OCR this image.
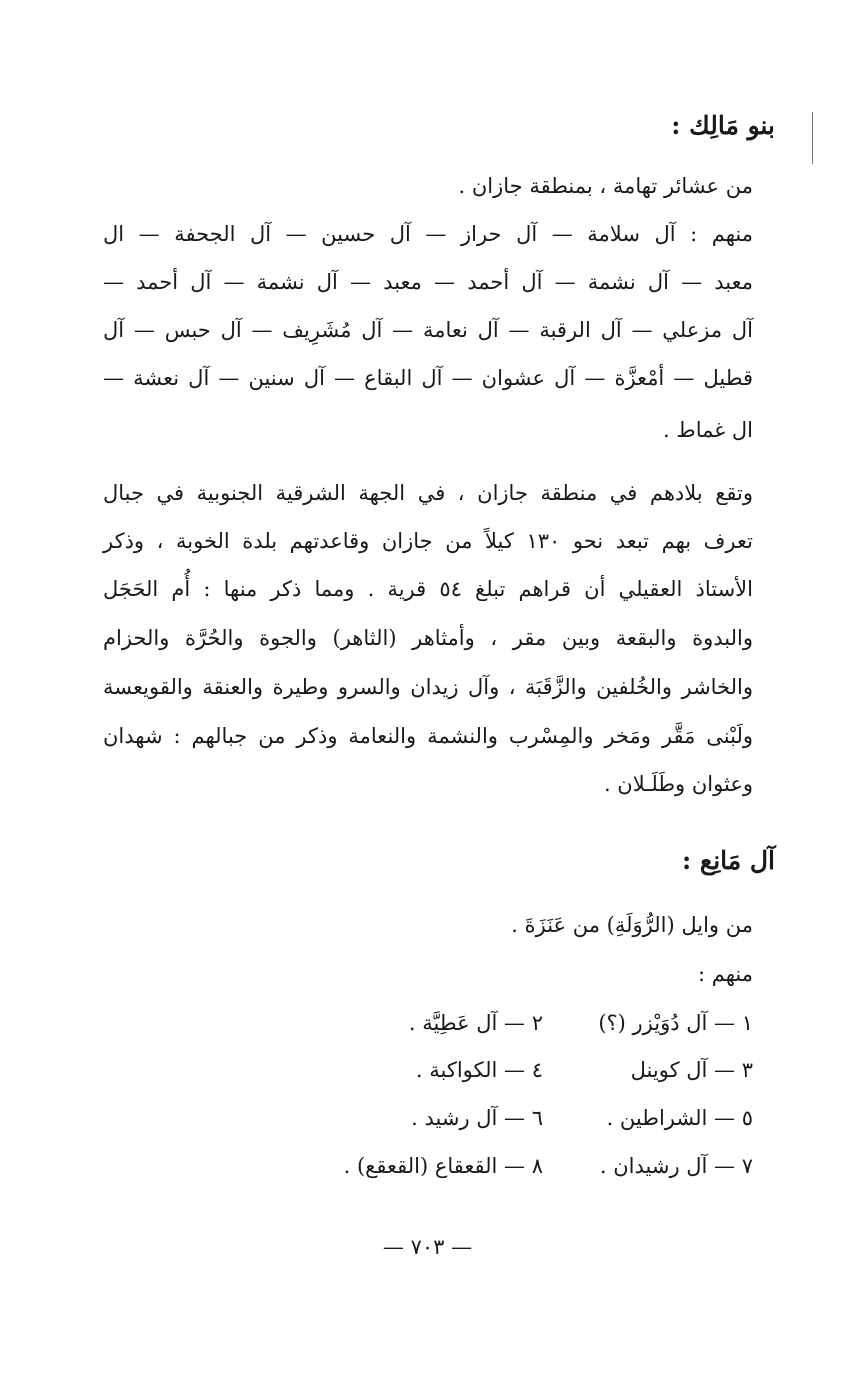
بنو مَالِك :
من عشائر تهامة ، بمنطقة جازان .
منهم : آل سلامة — آل حراز — آل حسين — آل الجحفة — ال
معبد — آل نشمة — آل أحمد — معبد — آل نشمة — آل أحمد —
آل مزعلي — آل الرقبة — آل نعامة — آل مُشَرِيف — آل حبس — آل
قطيل — أمْعزَّة — آل عشوان — آل البقاع — آل سنين — آل نعشة —
ال غماط .
وتقع بلادهم في منطقة جازان ، في الجهة الشرقية الجنوبية في جبال
تعرف بهم تبعد نحو ١٣٠ كيلاً من جازان وقاعدتهم بلدة الخوبة ، وذكر
الأستاذ العقيلي أن قراهم تبلغ ٥٤ قرية . ومما ذكر منها : أُم الحَجَل
والبدوة والبقعة وبين مقر ، وأمثاهر (الثاهر) والجوة والحُرَّة والحزام
والخاشر والخُلفين والزَّقَبَة ، وآل زيدان والسرو وطيرة والعنقة والقويعسة
ولَبْنى مَقَّر ومَخر والمِسْرب والنشمة والنعامة وذكر من جبالهم : شهدان
وعثوان وطَلَـلان .
آل مَانِع :
من وايل (الرُّوَلَةِ) من عَنَزَةَ .
منهم :
١ — آل دُوَيْزر (؟)
٢ — آل عَطِيَّة .
٣ — آل كوينل
٤ — الكواكبة .
٥ — الشراطين .
٦ — آل رشيد .
٧ — آل رشيدان .
٨ — القعقاع (القعقع) .
— ٧٠٣ —
